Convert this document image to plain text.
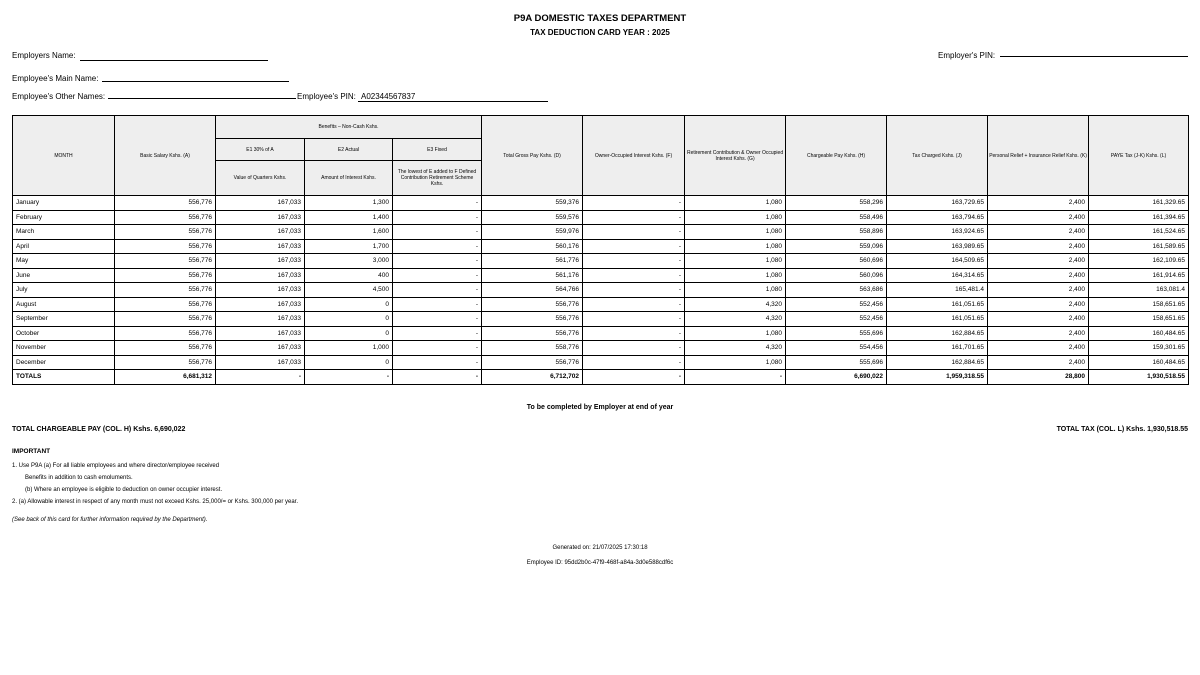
P9A DOMESTIC TAXES DEPARTMENT
TAX DEDUCTION CARD YEAR : 2025
Employers Name:	Employer's PIN:
Employee's Main Name:
Employee's Other Names:	Employee's PIN: A02344567837
MONTH	Basic Salary Kshs. (A)	Benefits – Non-Cash Kshs.			Total Gross Pay Kshs. (D)	Owner-Occupied Interest Kshs. (F)	Retirement Contribution & Owner Occupied Interest Kshs. (G)	Chargeable Pay Kshs. (H)	Tax Charged Kshs. (J)	Personal Relief + Insurance Relief Kshs. (K)	PAYE Tax (J-K) Kshs. (L)
		E1 30% of A	E2 Actual	E3 Fixed							
		Value of Quarters Kshs.	Amount of Interest Kshs.	The lowest of E added to F Defined Contribution Retirement Scheme Kshs.							
January	556,776	167,033	1,300	-	559,376	-	1,080	558,296	163,729.65	2,400	161,329.65
February	556,776	167,033	1,400	-	559,576	-	1,080	558,496	163,794.65	2,400	161,394.65
March	556,776	167,033	1,600	-	559,976	-	1,080	558,896	163,924.65	2,400	161,524.65
April	556,776	167,033	1,700	-	560,176	-	1,080	559,096	163,989.65	2,400	161,589.65
May	556,776	167,033	3,000	-	561,776	-	1,080	560,696	164,509.65	2,400	162,109.65
June	556,776	167,033	400	-	561,176	-	1,080	560,096	164,314.65	2,400	161,914.65
July	556,776	167,033	4,500	-	564,766	-	1,080	563,686	165,481.4	2,400	163,081.4
August	556,776	167,033	0	-	556,776	-	4,320	552,456	161,051.65	2,400	158,651.65
September	556,776	167,033	0	-	556,776	-	4,320	552,456	161,051.65	2,400	158,651.65
October	556,776	167,033	0	-	556,776	-	1,080	555,696	162,884.65	2,400	160,484.65
November	556,776	167,033	1,000	-	558,776	-	4,320	554,456	161,701.65	2,400	159,301.65
December	556,776	167,033	0	-	556,776	-	1,080	555,696	162,884.65	2,400	160,484.65
TOTALS	6,681,312	-	-	-	6,712,702	-	-	6,690,022	1,959,318.55	28,800	1,930,518.55
To be completed by Employer at end of year
TOTAL CHARGEABLE PAY (COL. H) Kshs. 6,690,022	TOTAL TAX (COL. L) Kshs. 1,930,518.55
IMPORTANT
1. Use P9A (a) For all liable employees and where director/employee received
Benefits in addition to cash emoluments.
(b) Where an employee is eligible to deduction on owner occupier interest.
2. (a) Allowable interest in respect of any month must not exceed Kshs. 25,000/= or Kshs. 300,000 per year.
(See back of this card for further information required by the Department).
Generated on: 21/07/2025 17:30:18
Employee ID: 95dd2b0c-47f9-468f-a84a-3d0e588cdf6c
